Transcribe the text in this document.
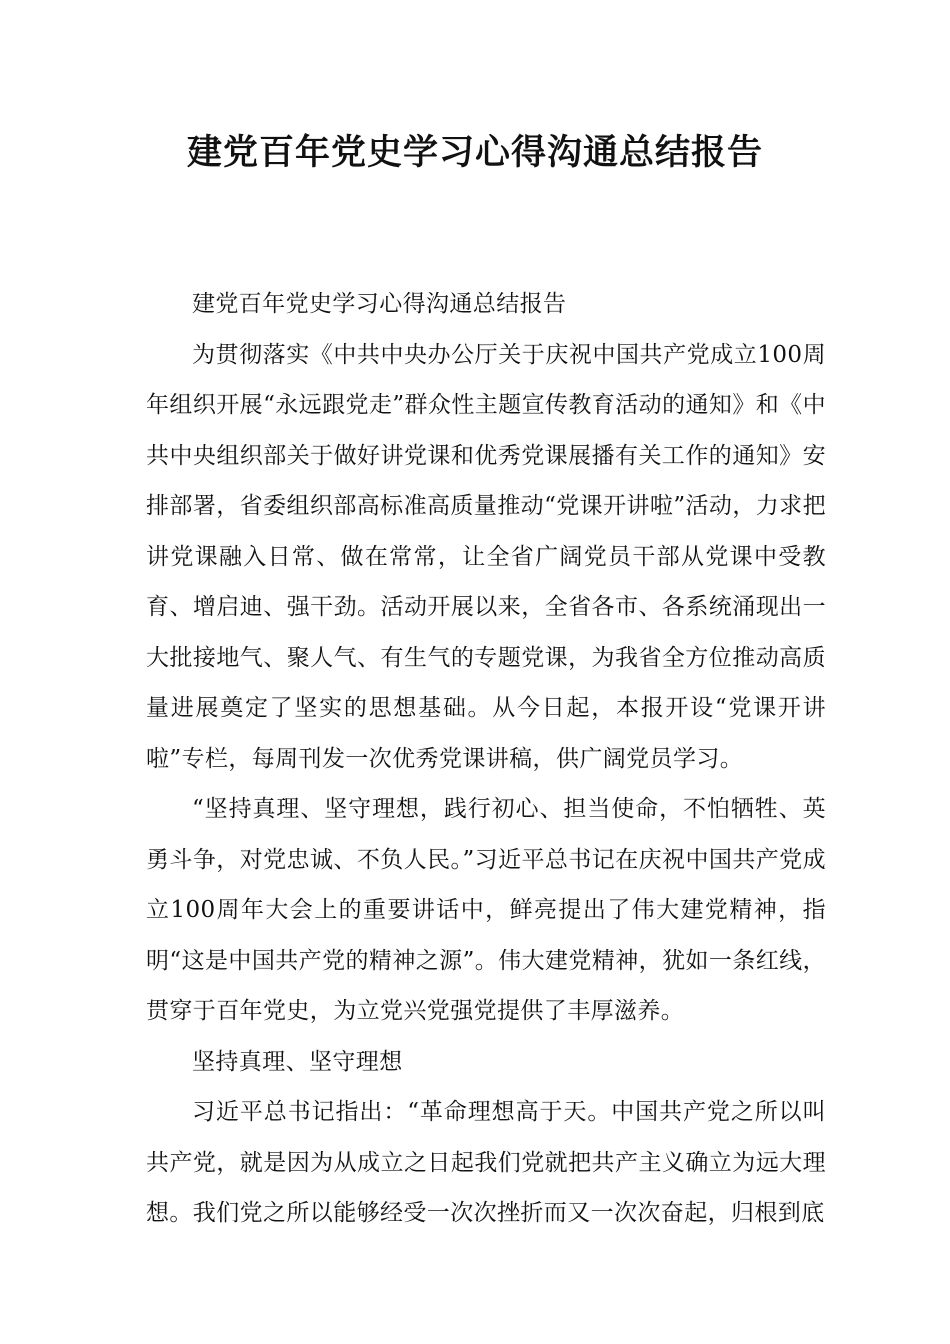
建党百年党史学习心得沟通总结报告

建党百年党史学习心得沟通总结报告

为贯彻落实《中共中央办公厅关于庆祝中国共产党成立100周年组织开展“永远跟党走”群众性主题宣传教育活动的通知》和《中共中央组织部关于做好讲党课和优秀党课展播有关工作的通知》安排部署，省委组织部高标准高质量推动“党课开讲啦”活动，力求把讲党课融入日常、做在常常，让全省广阔党员干部从党课中受教育、增启迪、强干劲。活动开展以来，全省各市、各系统涌现出一大批接地气、聚人气、有生气的专题党课，为我省全方位推动高质量进展奠定了坚实的思想基础。从今日起，本报开设“党课开讲啦”专栏，每周刊发一次优秀党课讲稿，供广阔党员学习。

“坚持真理、坚守理想，践行初心、担当使命，不怕牺牲、英勇斗争，对党忠诚、不负人民。”习近平总书记在庆祝中国共产党成立100周年大会上的重要讲话中，鲜亮提出了伟大建党精神，指明“这是中国共产党的精神之源”。伟大建党精神，犹如一条红线，贯穿于百年党史，为立党兴党强党提供了丰厚滋养。

坚持真理、坚守理想

习近平总书记指出：“革命理想高于天。中国共产党之所以叫共产党，就是因为从成立之日起我们党就把共产主义确立为远大理想。我们党之所以能够经受一次次挫折而又一次次奋起，归根到底
